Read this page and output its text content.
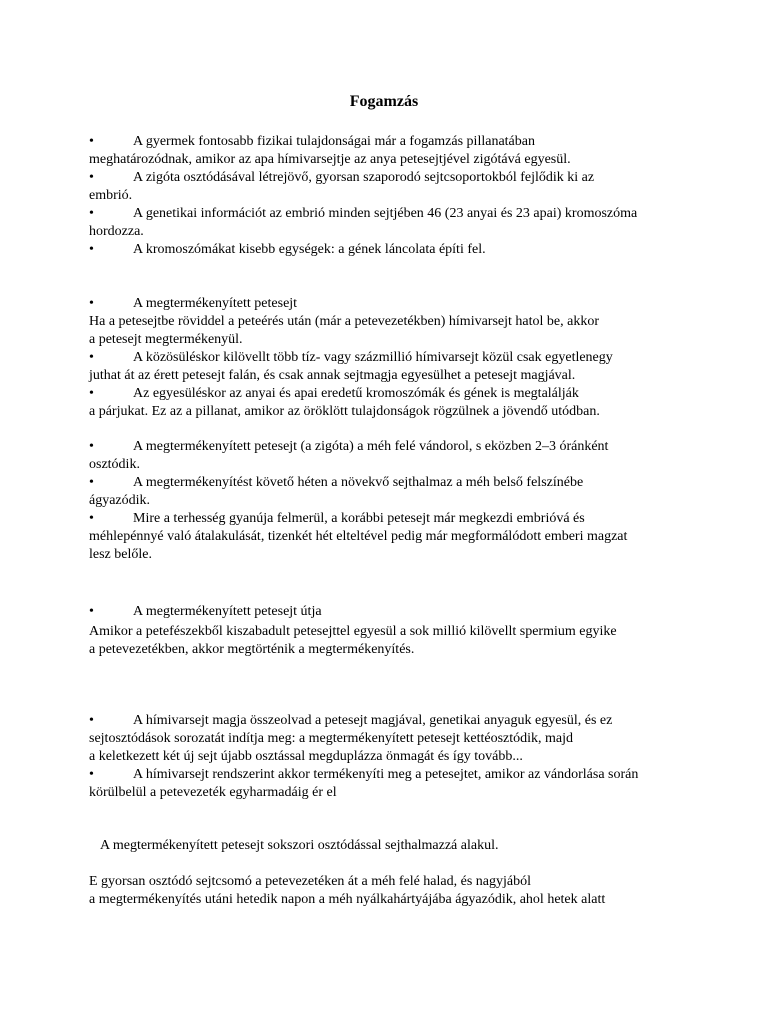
Fogamzás
•	A gyermek fontosabb fizikai tulajdonságai már a fogamzás pillanatában
meghatározódnak, amikor az apa hímivarsejtje az anya petesejtjével zigótává egyesül.
•	A zigóta osztódásával létrejövő, gyorsan szaporodó sejtcsoportokból fejlődik ki az
embrió.
•	A genetikai információt az embrió minden sejtjében 46 (23 anyai és 23 apai) kromoszóma
hordozza.
•	A kromoszómákat kisebb egységek: a gének láncolata építi fel.
•	A megtermékenyített petesejt
Ha a petesejtbe röviddel a peteérés után (már a petevezetékben) hímivarsejt hatol be, akkor
a petesejt megtermékenyül.
•	A közösüléskor kilövellt több tíz- vagy százmillió hímivarsejt közül csak egyetlenegy
juthat át az érett petesejt falán, és csak annak sejtmagja egyesülhet a petesejt magjával.
•	Az egyesüléskor az anyai és apai eredetű kromoszómák és gének is megtalálják
a párjukat. Ez az a pillanat, amikor az öröklött tulajdonságok rögzülnek a jövendő utódban.
•	A megtermékenyített petesejt (a zigóta) a méh felé vándorol, s eközben 2–3 óránként
osztódik.
•	A megtermékenyítést követő héten a növekvő sejthalmaz a méh belső felszínébe
ágyazódik.
•	Mire a terhesség gyanúja felmerül, a korábbi petesejt már megkezdi embrióvá és
méhlepénnyé való átalakulását, tizenkét hét elteltével pedig már megformálódott emberi magzat
lesz belőle.
•	A megtermékenyített petesejt útja
Amikor a petefészekből kiszabadult petesejttel egyesül a sok millió kilövellt spermium egyike
a petevezetékben, akkor megtörténik a megtermékenyítés.
•	A hímivarsejt magja összeolvad a petesejt magjával, genetikai anyaguk egyesül, és ez
sejtosztódások sorozatát indítja meg: a megtermékenyített petesejt kettéosztódik, majd
a keletkezett két új sejt újabb osztással megduplázza önmagát és így tovább...
•	A hímivarsejt rendszerint akkor termékenyíti meg a petesejtet, amikor az vándorlása során
körülbelül a petevezeték egyharmadáig ér el
A megtermékenyített petesejt sokszori osztódással sejthalmazzá alakul.
E gyorsan osztódó sejtcsomó a petevezetéken át a méh felé halad, és nagyjából
a megtermékenyítés utáni hetedik napon a méh nyálkahártyájába ágyazódik, ahol hetek alatt
